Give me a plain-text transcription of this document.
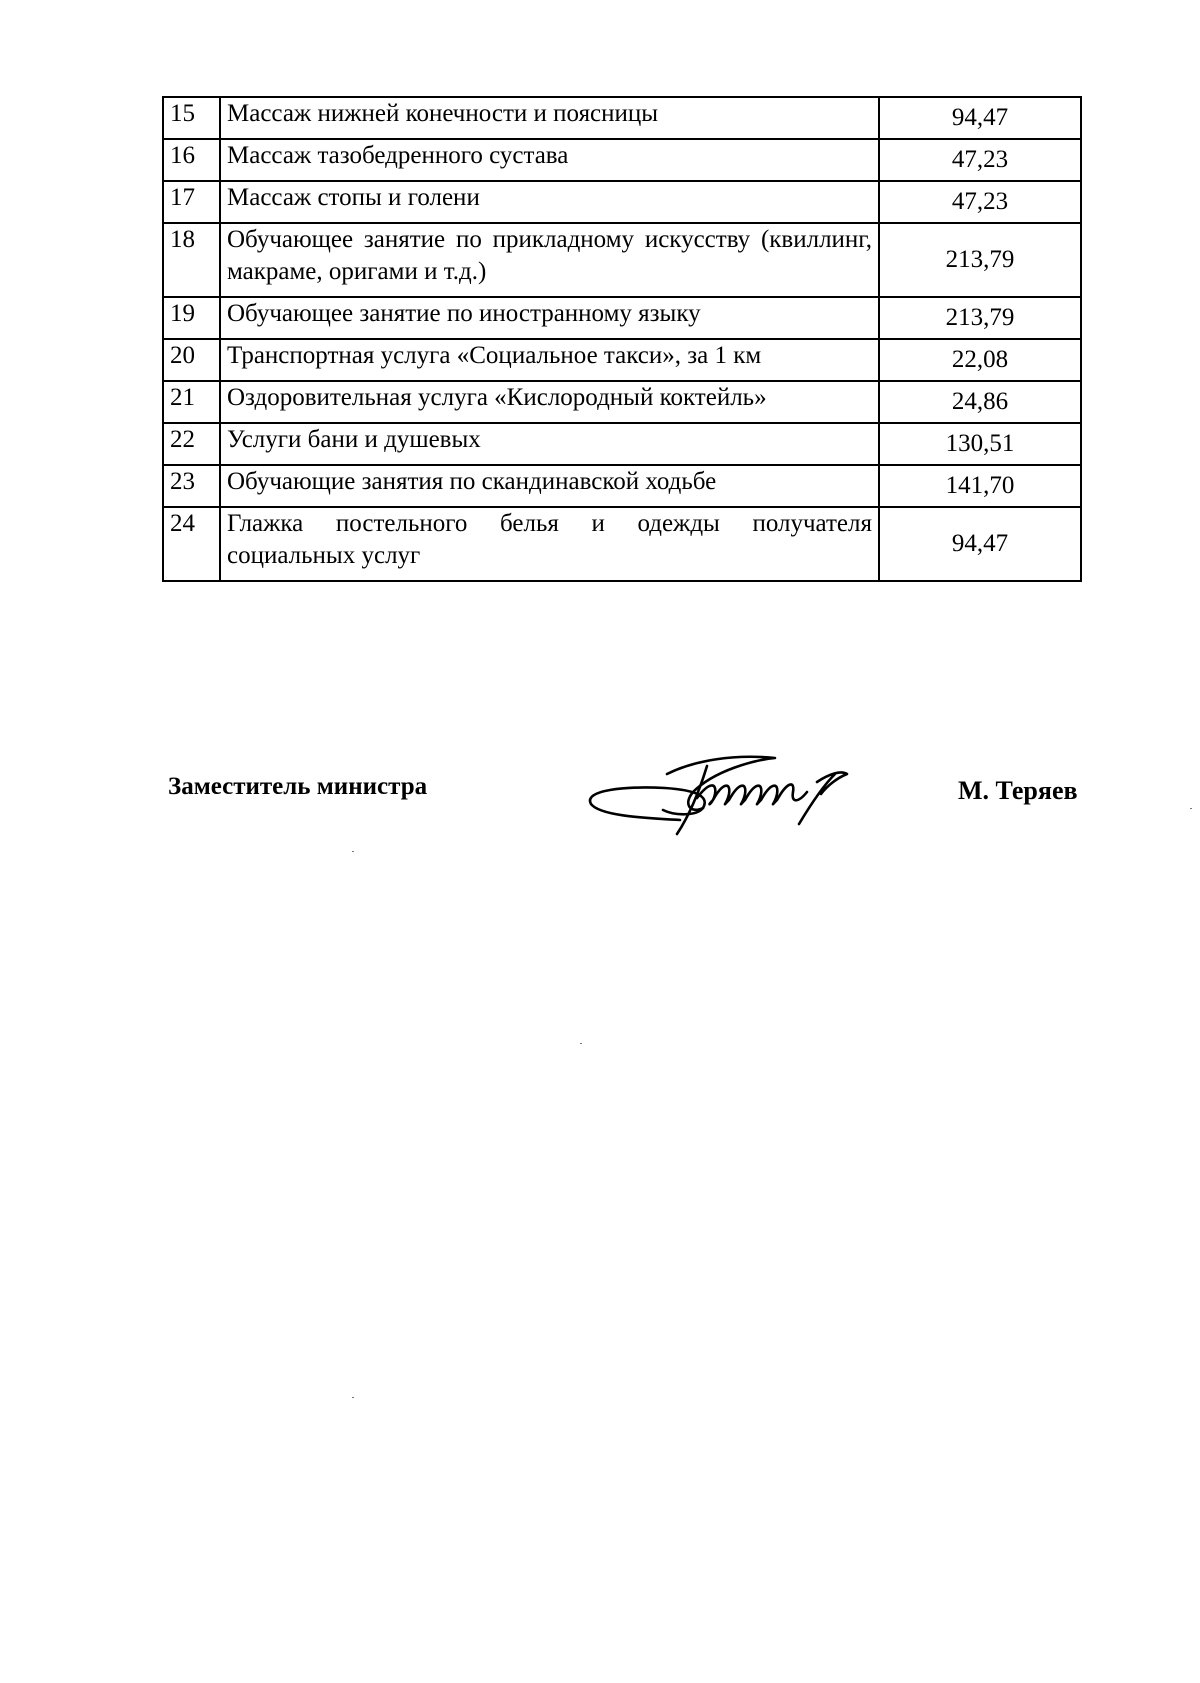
15	Массаж нижней конечности и поясницы	94,47
16	Массаж тазобедренного сустава	47,23
17	Массаж стопы и голени	47,23
18	Обучающее занятие по прикладному искусству (квиллинг, макраме, оригами и т.д.)	213,79
19	Обучающее занятие по иностранному языку	213,79
20	Транспортная услуга «Социальное такси», за 1 км	22,08
21	Оздоровительная услуга «Кислородный коктейль»	24,86
22	Услуги бани и душевых	130,51
23	Обучающие занятия по скандинавской ходьбе	141,70
24	Глажка постельного белья и одежды получателя социальных услуг	94,47
Заместитель министра	М. Теряев
